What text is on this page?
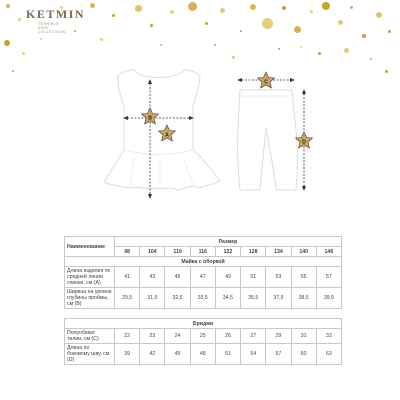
KETMIN
TERRIBLE KIDS COLLECTION
B
A
C
D
Наименование	Размер								
	98	104	110	116	122	128	134	140	146
Майка с оборкой									
Длина изделия по средней линии спинки, см (А)	41	43	45	47	49	51	53	55	57
Ширина на уровне глубины проймы, см (В)	29,5	31,5	32,5	33,5	34,5	35,5	37,5	38,5	39,5
Бриджи									
Полуобхват талии, см (С)	22	23	24	25	26	27	29	31	33
Длина по боковому шву, см (D)	39	42	45	48	51	54	57	60	63
